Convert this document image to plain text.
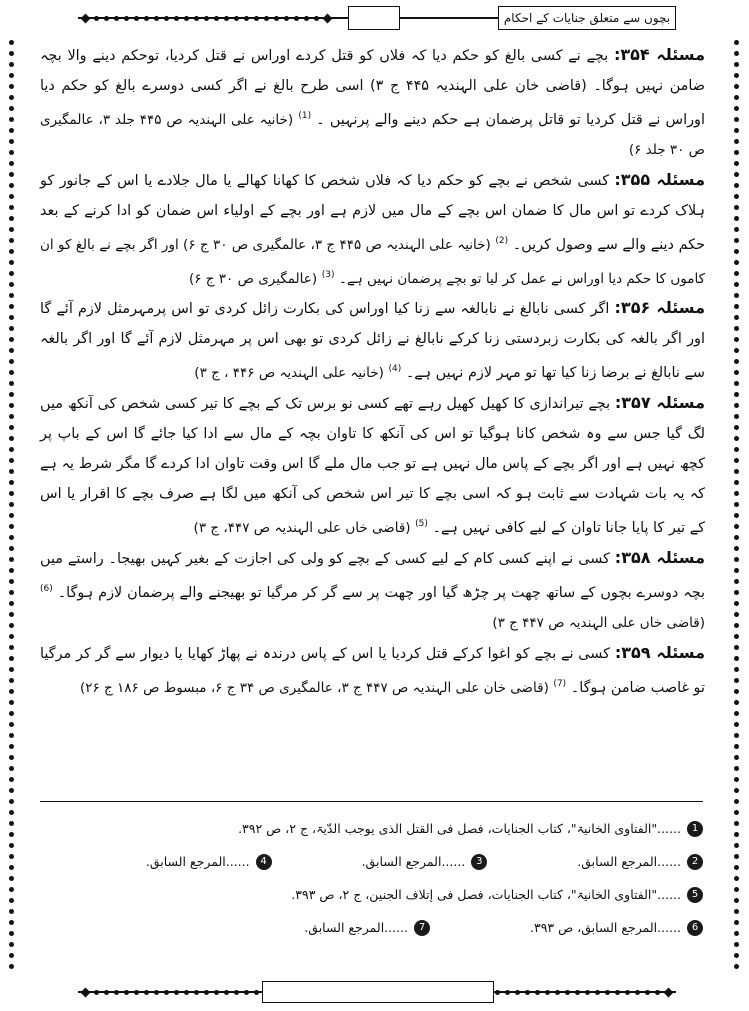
بچوں سے متعلق جنایات کے احکام

مسئلہ ۳۵۴: بچے نے کسی بالغ کو حکم دیا کہ فلاں کو قتل کردے اوراس نے قتل کردیا، توحکم دینے والا بچہ ضامن نہیں ہوگا۔ (قاضی خان علی الہندیہ ۴۴۵ ج ۳) اسی طرح بالغ نے اگر کسی دوسرے بالغ کو حکم دیا اوراس نے قتل کردیا تو قاتل پرضمان ہے حکم دینے والے پرنہیں ۔ $^{(1)}$ (خانیہ علی الہندیہ ص ۴۴۵ جلد ۳، عالمگیری ص ۳۰ جلد ۶)

مسئلہ ۳۵۵: کسی شخص نے بچے کو حکم دیا کہ فلاں شخص کا کھانا کھالے یا مال جلادے یا اس کے جانور کو ہلاک کردے تو اس مال کا ضمان اس بچے کے مال میں لازم ہے اور بچے کے اولیاء اس ضمان کو ادا کرنے کے بعد حکم دینے والے سے وصول کریں۔ $^{(2)}$ (خانیہ علی الہندیہ ص ۴۴۵ ج ۳، عالمگیری ص ۳۰ ج ۶) اور اگر بچے نے بالغ کو ان کاموں کا حکم دیا اوراس نے عمل کر لیا تو بچے پرضمان نہیں ہے۔ $^{(3)}$ (عالمگیری ص ۳۰ ج ۶)

مسئلہ ۳۵۶: اگر کسی نابالغ نے نابالغہ سے زنا کیا اوراس کی بکارت زائل کردی تو اس پرمہرمثل لازم آئے گا اور اگر بالغہ کی بکارت زبردستی زنا کرکے نابالغ نے زائل کردی تو بھی اس پر مہرمثل لازم آئے گا اور اگر بالغہ سے نابالغ نے برضا زنا کیا تھا تو مہر لازم نہیں ہے۔ $^{(4)}$ (خانیہ علی الہندیہ ص ۴۴۶ ، ج ۳)

مسئلہ ۳۵۷: بچے تیراندازی کا کھیل کھیل رہے تھے کسی نو برس تک کے بچے کا تیر کسی شخص کی آنکھ میں لگ گیا جس سے وہ شخص کانا ہوگیا تو اس کی آنکھ کا تاوان بچہ کے مال سے ادا کیا جائے گا اس کے باپ پر کچھ نہیں ہے اور اگر بچے کے پاس مال نہیں ہے تو جب مال ملے گا اس وقت تاوان ادا کردے گا مگر شرط یہ ہے کہ یہ بات شہادت سے ثابت ہو کہ اسی بچے کا تیر اس شخص کی آنکھ میں لگا ہے صرف بچے کا اقرار یا اس کے تیر کا پایا جانا تاوان کے لیے کافی نہیں ہے۔ $^{(5)}$ (قاضی خاں علی الہندیہ ص ۴۴۷، ج ۳)

مسئلہ ۳۵۸: کسی نے اپنے کسی کام کے لیے کسی کے بچے کو ولی کی اجازت کے بغیر کہیں بھیجا۔ راستے میں بچہ دوسرے بچوں کے ساتھ چھت پر چڑھ گیا اور چھت پر سے گر کر مرگیا تو بھیجنے والے پرضمان لازم ہوگا۔ $^{(6)}$ (قاضی خاں علی الہندیہ ص ۴۴۷ ج ۳)

مسئلہ ۳۵۹: کسی نے بچے کو اغوا کرکے قتل کردیا یا اس کے پاس درندہ نے پھاڑ کھایا یا دیوار سے گر کر مرگیا تو غاصب ضامن ہوگا۔ $^{(7)}$ (قاضی خان علی الہندیہ ص ۴۴۷ ج ۳، عالمگیری ص ۳۴ ج ۶، مبسوط ص ۱۸۶ ج ۲۶)

1
......"الفتاوی الخانیۃ"، کتاب الجنایات، فصل فی القتل الذی یوجب الدّیۃ، ج ۲، ص ۳۹۲.
2
......المرجع السابق.
3
......المرجع السابق.
4
......المرجع السابق.
5
......"الفتاوی الخانیۃ"، کتاب الجنایات، فصل فی إتلاف الجنین، ج ۲، ص ۳۹۳.
6
......المرجع السابق، ص ۳۹۳.
7
......المرجع السابق.
